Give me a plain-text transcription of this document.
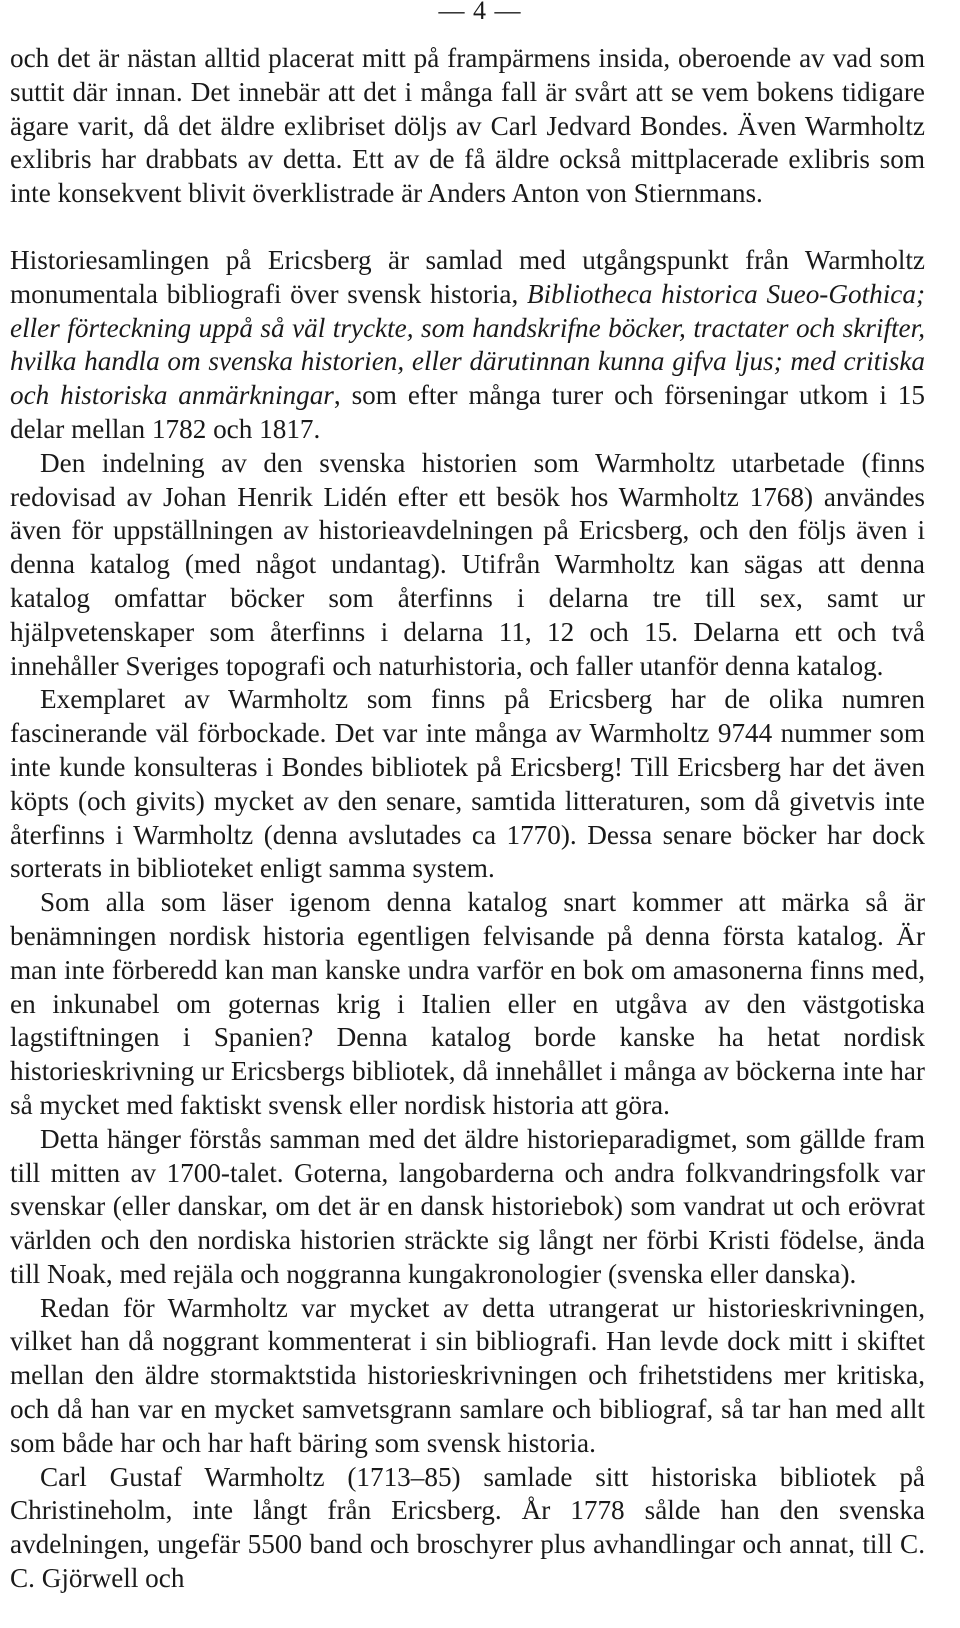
— 4 —

och det är nästan alltid placerat mitt på frampärmens insida, oberoende av vad som suttit där innan. Det innebär att det i många fall är svårt att se vem bokens tidigare ägare varit, då det äldre exlibriset döljs av Carl Jedvard Bondes. Även Warmholtz exlibris har drabbats av detta. Ett av de få äldre också mittplacerade exlibris som inte konsekvent blivit överklistrade är Anders Anton von Stiernmans.

Historiesamlingen på Ericsberg är samlad med utgångspunkt från Warmholtz monumentala bibliografi över svensk historia, Bibliotheca historica Sueo-Gothica; eller förteckning uppå så väl tryckte, som handskrifne böcker, tractater och skrifter, hvilka handla om svenska historien, eller därutinnan kunna gifva ljus; med critiska och historiska anmärkningar, som efter många turer och förseningar utkom i 15 delar mellan 1782 och 1817.

Den indelning av den svenska historien som Warmholtz utarbetade (finns redovisad av Johan Henrik Lidén efter ett besök hos Warmholtz 1768) användes även för uppställningen av historieavdelningen på Ericsberg, och den följs även i denna katalog (med något undantag). Utifrån Warmholtz kan sägas att denna katalog omfattar böcker som återfinns i delarna tre till sex, samt ur hjälpvetenskaper som återfinns i delarna 11, 12 och 15. Delarna ett och två innehåller Sveriges topografi och naturhistoria, och faller utanför denna katalog.

Exemplaret av Warmholtz som finns på Ericsberg har de olika numren fascinerande väl förbockade. Det var inte många av Warmholtz 9744 nummer som inte kunde konsulteras i Bondes bibliotek på Ericsberg! Till Ericsberg har det även köpts (och givits) mycket av den senare, samtida litteraturen, som då givetvis inte återfinns i Warmholtz (denna avslutades ca 1770). Dessa senare böcker har dock sorterats in biblioteket enligt samma system.

Som alla som läser igenom denna katalog snart kommer att märka så är benämningen nordisk historia egentligen felvisande på denna första katalog. Är man inte förberedd kan man kanske undra varför en bok om amasonerna finns med, en inkunabel om goternas krig i Italien eller en utgåva av den västgotiska lagstiftningen i Spanien? Denna katalog borde kanske ha hetat nordisk historieskrivning ur Ericsbergs bibliotek, då innehållet i många av böckerna inte har så mycket med faktiskt svensk eller nordisk historia att göra.

Detta hänger förstås samman med det äldre historieparadigmet, som gällde fram till mitten av 1700-talet. Goterna, langobarderna och andra folkvandringsfolk var svenskar (eller danskar, om det är en dansk historiebok) som vandrat ut och erövrat världen och den nordiska historien sträckte sig långt ner förbi Kristi födelse, ända till Noak, med rejäla och noggranna kungakronologier (svenska eller danska).

Redan för Warmholtz var mycket av detta utrangerat ur historieskrivningen, vilket han då noggrant kommenterat i sin bibliografi. Han levde dock mitt i skiftet mellan den äldre stormaktstida historieskrivningen och frihetstidens mer kritiska, och då han var en mycket samvetsgrann samlare och bibliograf, så tar han med allt som både har och har haft bäring som svensk historia.

Carl Gustaf Warmholtz (1713–85) samlade sitt historiska bibliotek på Christineholm, inte långt från Ericsberg. År 1778 sålde han den svenska avdelningen, ungefär 5500 band och broschyrer plus avhandlingar och annat, till C. C. Gjörwell och
